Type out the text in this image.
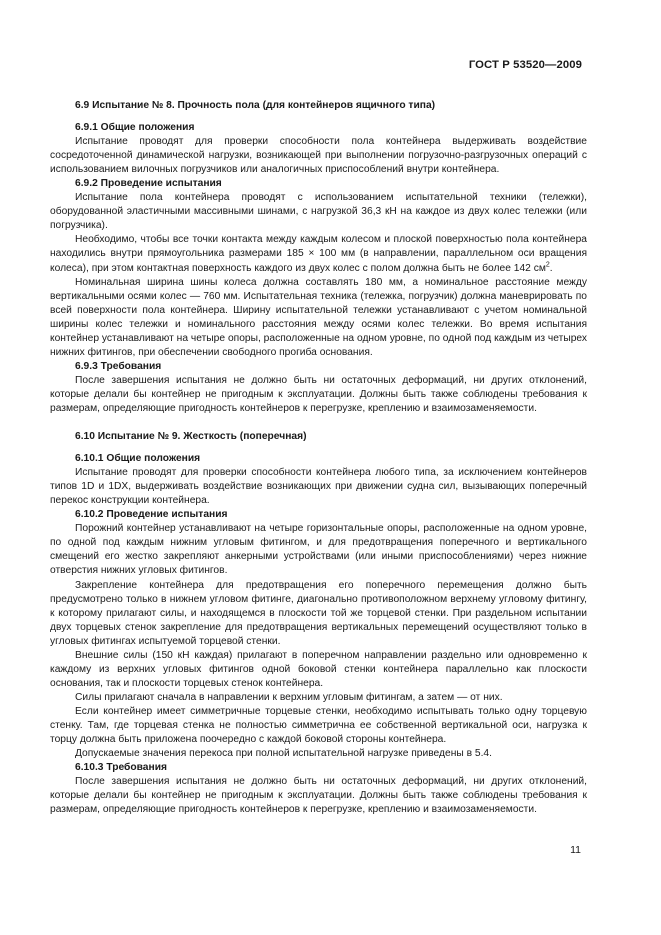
ГОСТ Р 53520—2009

6.9 Испытание № 8. Прочность пола (для контейнеров ящичного типа)

6.9.1 Общие положения

Испытание проводят для проверки способности пола контейнера выдерживать воздействие сосредоточенной динамической нагрузки, возникающей при выполнении погрузочно-разгрузочных операций с использованием вилочных погрузчиков или аналогичных приспособлений внутри контейнера.

6.9.2 Проведение испытания

Испытание пола контейнера проводят с использованием испытательной техники (тележки), оборудованной эластичными массивными шинами, с нагрузкой 36,3 кН на каждое из двух колес тележки (или погрузчика).

Необходимо, чтобы все точки контакта между каждым колесом и плоской поверхностью пола контейнера находились внутри прямоугольника размерами 185 × 100 мм (в направлении, параллельном оси вращения колеса), при этом контактная поверхность каждого из двух колес с полом должна быть не более 142 $см^2$.

Номинальная ширина шины колеса должна составлять 180 мм, а номинальное расстояние между вертикальными осями колес — 760 мм. Испытательная техника (тележка, погрузчик) должна маневрировать по всей поверхности пола контейнера. Ширину испытательной тележки устанавливают с учетом номинальной ширины колес тележки и номинального расстояния между осями колес тележки. Во время испытания контейнер устанавливают на четыре опоры, расположенные на одном уровне, по одной под каждым из четырех нижних фитингов, при обеспечении свободного прогиба основания.

6.9.3 Требования

После завершения испытания не должно быть ни остаточных деформаций, ни других отклонений, которые делали бы контейнер не пригодным к эксплуатации. Должны быть также соблюдены требования к размерам, определяющие пригодность контейнеров к перегрузке, креплению и взаимозаменяемости.

6.10 Испытание № 9. Жесткость (поперечная)

6.10.1 Общие положения

Испытание проводят для проверки способности контейнера любого типа, за исключением контейнеров типов 1D и 1DX, выдерживать воздействие возникающих при движении судна сил, вызывающих поперечный перекос конструкции контейнера.

6.10.2 Проведение испытания

Порожний контейнер устанавливают на четыре горизонтальные опоры, расположенные на одном уровне, по одной под каждым нижним угловым фитингом, и для предотвращения поперечного и вертикального смещений его жестко закрепляют анкерными устройствами (или иными приспособлениями) через нижние отверстия нижних угловых фитингов.

Закрепление контейнера для предотвращения его поперечного перемещения должно быть предусмотрено только в нижнем угловом фитинге, диагонально противоположном верхнему угловому фитингу, к которому прилагают силы, и находящемся в плоскости той же торцевой стенки. При раздельном испытании двух торцевых стенок закрепление для предотвращения вертикальных перемещений осуществляют только в угловых фитингах испытуемой торцевой стенки.

Внешние силы (150 кН каждая) прилагают в поперечном направлении раздельно или одновременно к каждому из верхних угловых фитингов одной боковой стенки контейнера параллельно как плоскости основания, так и плоскости торцевых стенок контейнера.

Силы прилагают сначала в направлении к верхним угловым фитингам, а затем — от них.

Если контейнер имеет симметричные торцевые стенки, необходимо испытывать только одну торцевую стенку. Там, где торцевая стенка не полностью симметрична ее собственной вертикальной оси, нагрузка к торцу должна быть приложена поочередно с каждой боковой стороны контейнера.

Допускаемые значения перекоса при полной испытательной нагрузке приведены в 5.4.

6.10.3 Требования

После завершения испытания не должно быть ни остаточных деформаций, ни других отклонений, которые делали бы контейнер не пригодным к эксплуатации. Должны быть также соблюдены требования к размерам, определяющие пригодность контейнеров к перегрузке, креплению и взаимозаменяемости.

11
